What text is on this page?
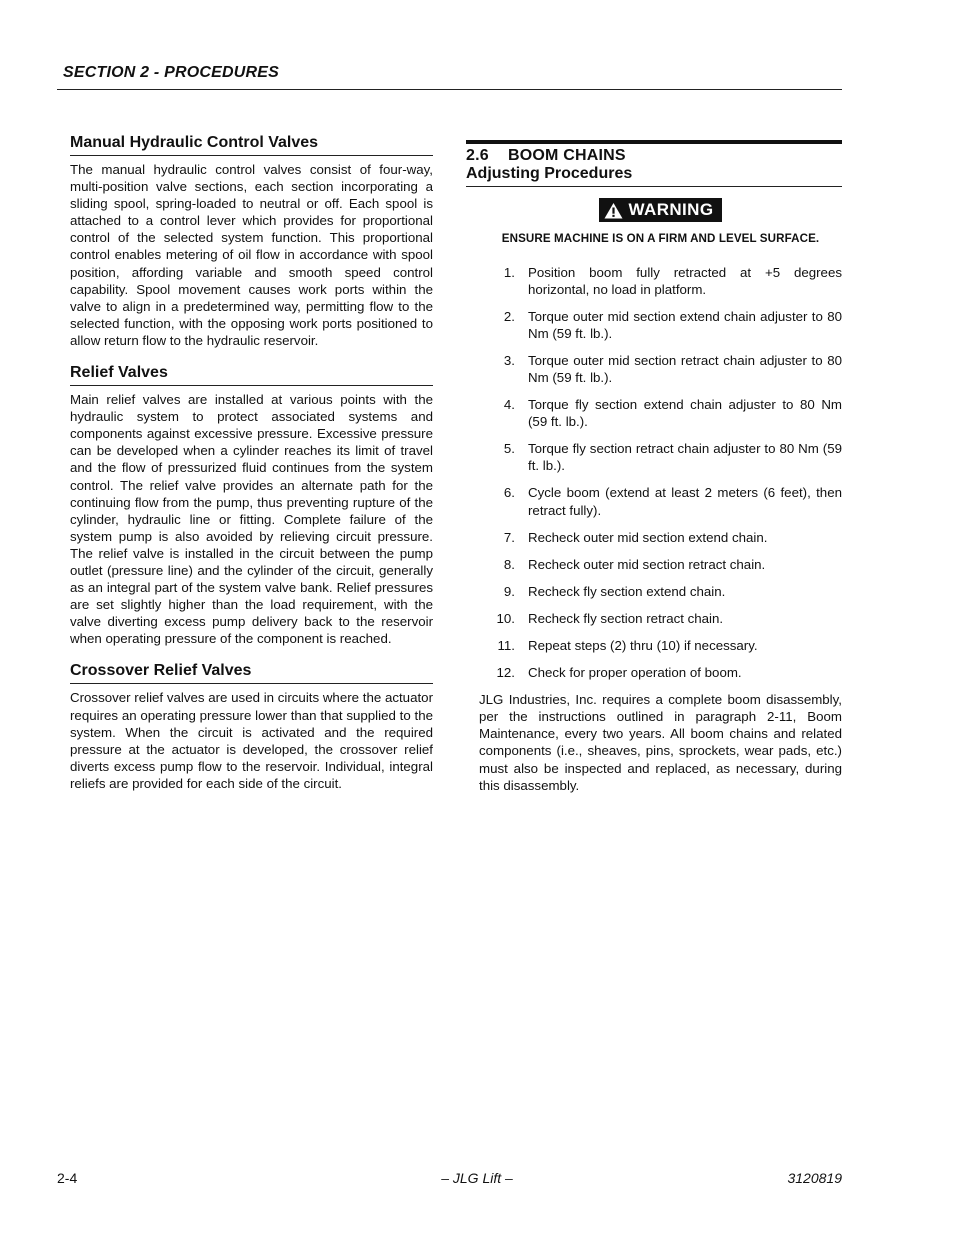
SECTION 2 - PROCEDURES
Manual Hydraulic Control Valves

The manual hydraulic control valves consist of four-way, multi-position valve sections, each section incorporating a sliding spool, spring-loaded to neutral or off. Each spool is attached to a control lever which provides for proportional control of the selected system function. This proportional control enables metering of oil flow in accordance with spool position, affording variable and smooth speed control capability. Spool movement causes work ports within the valve to align in a predetermined way, permitting flow to the selected function, with the opposing work ports positioned to allow return flow to the hydraulic reservoir.

Relief Valves

Main relief valves are installed at various points with the hydraulic system to protect associated systems and components against excessive pressure. Excessive pressure can be developed when a cylinder reaches its limit of travel and the flow of pressurized fluid continues from the system control. The relief valve provides an alternate path for the continuing flow from the pump, thus preventing rupture of the cylinder, hydraulic line or fitting. Complete failure of the system pump is also avoided by relieving circuit pressure. The relief valve is installed in the circuit between the pump outlet (pressure line) and the cylinder of the circuit, generally as an integral part of the system valve bank. Relief pressures are set slightly higher than the load requirement, with the valve diverting excess pump delivery back to the reservoir when operating pressure of the component is reached.

Crossover Relief Valves

Crossover relief valves are used in circuits where the actuator requires an operating pressure lower than that supplied to the system. When the circuit is activated and the required pressure at the actuator is developed, the crossover relief diverts excess pump flow to the reservoir. Individual, integral reliefs are provided for each side of the circuit.

2.6 BOOM CHAINS
Adjusting Procedures
WARNING
ENSURE MACHINE IS ON A FIRM AND LEVEL SURFACE.
1. Position boom fully retracted at +5 degrees horizontal, no load in platform.
2. Torque outer mid section extend chain adjuster to 80 Nm (59 ft. lb.).
3. Torque outer mid section retract chain adjuster to 80 Nm (59 ft. lb.).
4. Torque fly section extend chain adjuster to 80 Nm (59 ft. lb.).
5. Torque fly section retract chain adjuster to 80 Nm (59 ft. lb.).
6. Cycle boom (extend at least 2 meters (6 feet), then retract fully).
7. Recheck outer mid section extend chain.
8. Recheck outer mid section retract chain.
9. Recheck fly section extend chain.
10. Recheck fly section retract chain.
11. Repeat steps (2) thru (10) if necessary.
12. Check for proper operation of boom.

JLG Industries, Inc. requires a complete boom disassembly, per the instructions outlined in paragraph 2-11, Boom Maintenance, every two years. All boom chains and related components (i.e., sheaves, pins, sprockets, wear pads, etc.) must also be inspected and replaced, as necessary, during this disassembly.

2-4	– JLG Lift –	3120819
